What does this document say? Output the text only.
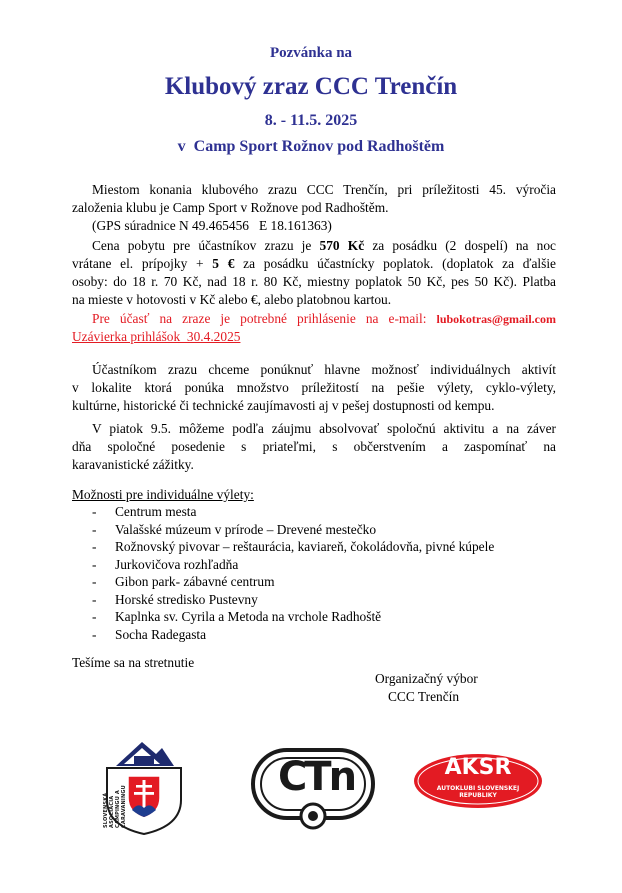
Pozvánka na
Klubový zraz CCC Trenčín
8. - 11.5. 2025
v  Camp Sport Rožnov pod Radhoštěm
Miestom konania klubového zrazu CCC Trenčín, pri príležitosti 45. výročia
založenia klubu je Camp Sport v Rožnove pod Radhoštěm.
(GPS súradnice N 49.465456   E 18.161363)
Cena pobytu pre účastníkov zrazu je 570 Kč za posádku (2 dospelí) na noc
vrátane el. prípojky + 5 € za posádku účastnícky poplatok. (doplatok za ďalšie
osoby: do 18 r. 70 Kč, nad 18 r. 80 Kč, miestny poplatok 50 Kč, pes 50 Kč). Platba
na mieste v hotovosti v Kč alebo €, alebo platobnou kartou.
Pre účasť na zraze je potrebné prihlásenie na e-mail: lubokotras@gmail.com
Uzávierka prihlášok  30.4.2025
Účastníkom zrazu chceme ponúknuť hlavne možnosť individuálnych aktivít
v lokalite ktorá ponúka množstvo príležitostí na pešie výlety, cyklo-výlety,
kultúrne, historické či technické zaujímavosti aj v pešej dostupnosti od kempu.
V piatok 9.5. môžeme podľa záujmu absolvovať spoločnú aktivitu a na záver
dňa spoločné posedenie s priateľmi, s občerstvením a zaspomínať na
karavanistické zážitky.
Možnosti pre individuálne výlety:
- Centrum mesta
- Valašské múzeum v prírode – Drevené mestečko
- Rožnovský pivovar – reštaurácia, kaviareň, čokoládovňa, pivné kúpele
- Jurkovičova rozhľadňa
- Gibon park- zábavné centrum
- Horské stredisko Pustevny
- Kaplnka sv. Cyrila a Metoda na vrchole Radhoště
- Socha Radegasta
Tešíme sa na stretnutie
Organizačný výbor
CCC Trenčín
SLOVENSKÁ ASOCIÁCIA CAMPINGU A CARAVANINGU
CTn	AKSR
AUTOKLUBI SLOVENSKEJ
REPUBLIKY
